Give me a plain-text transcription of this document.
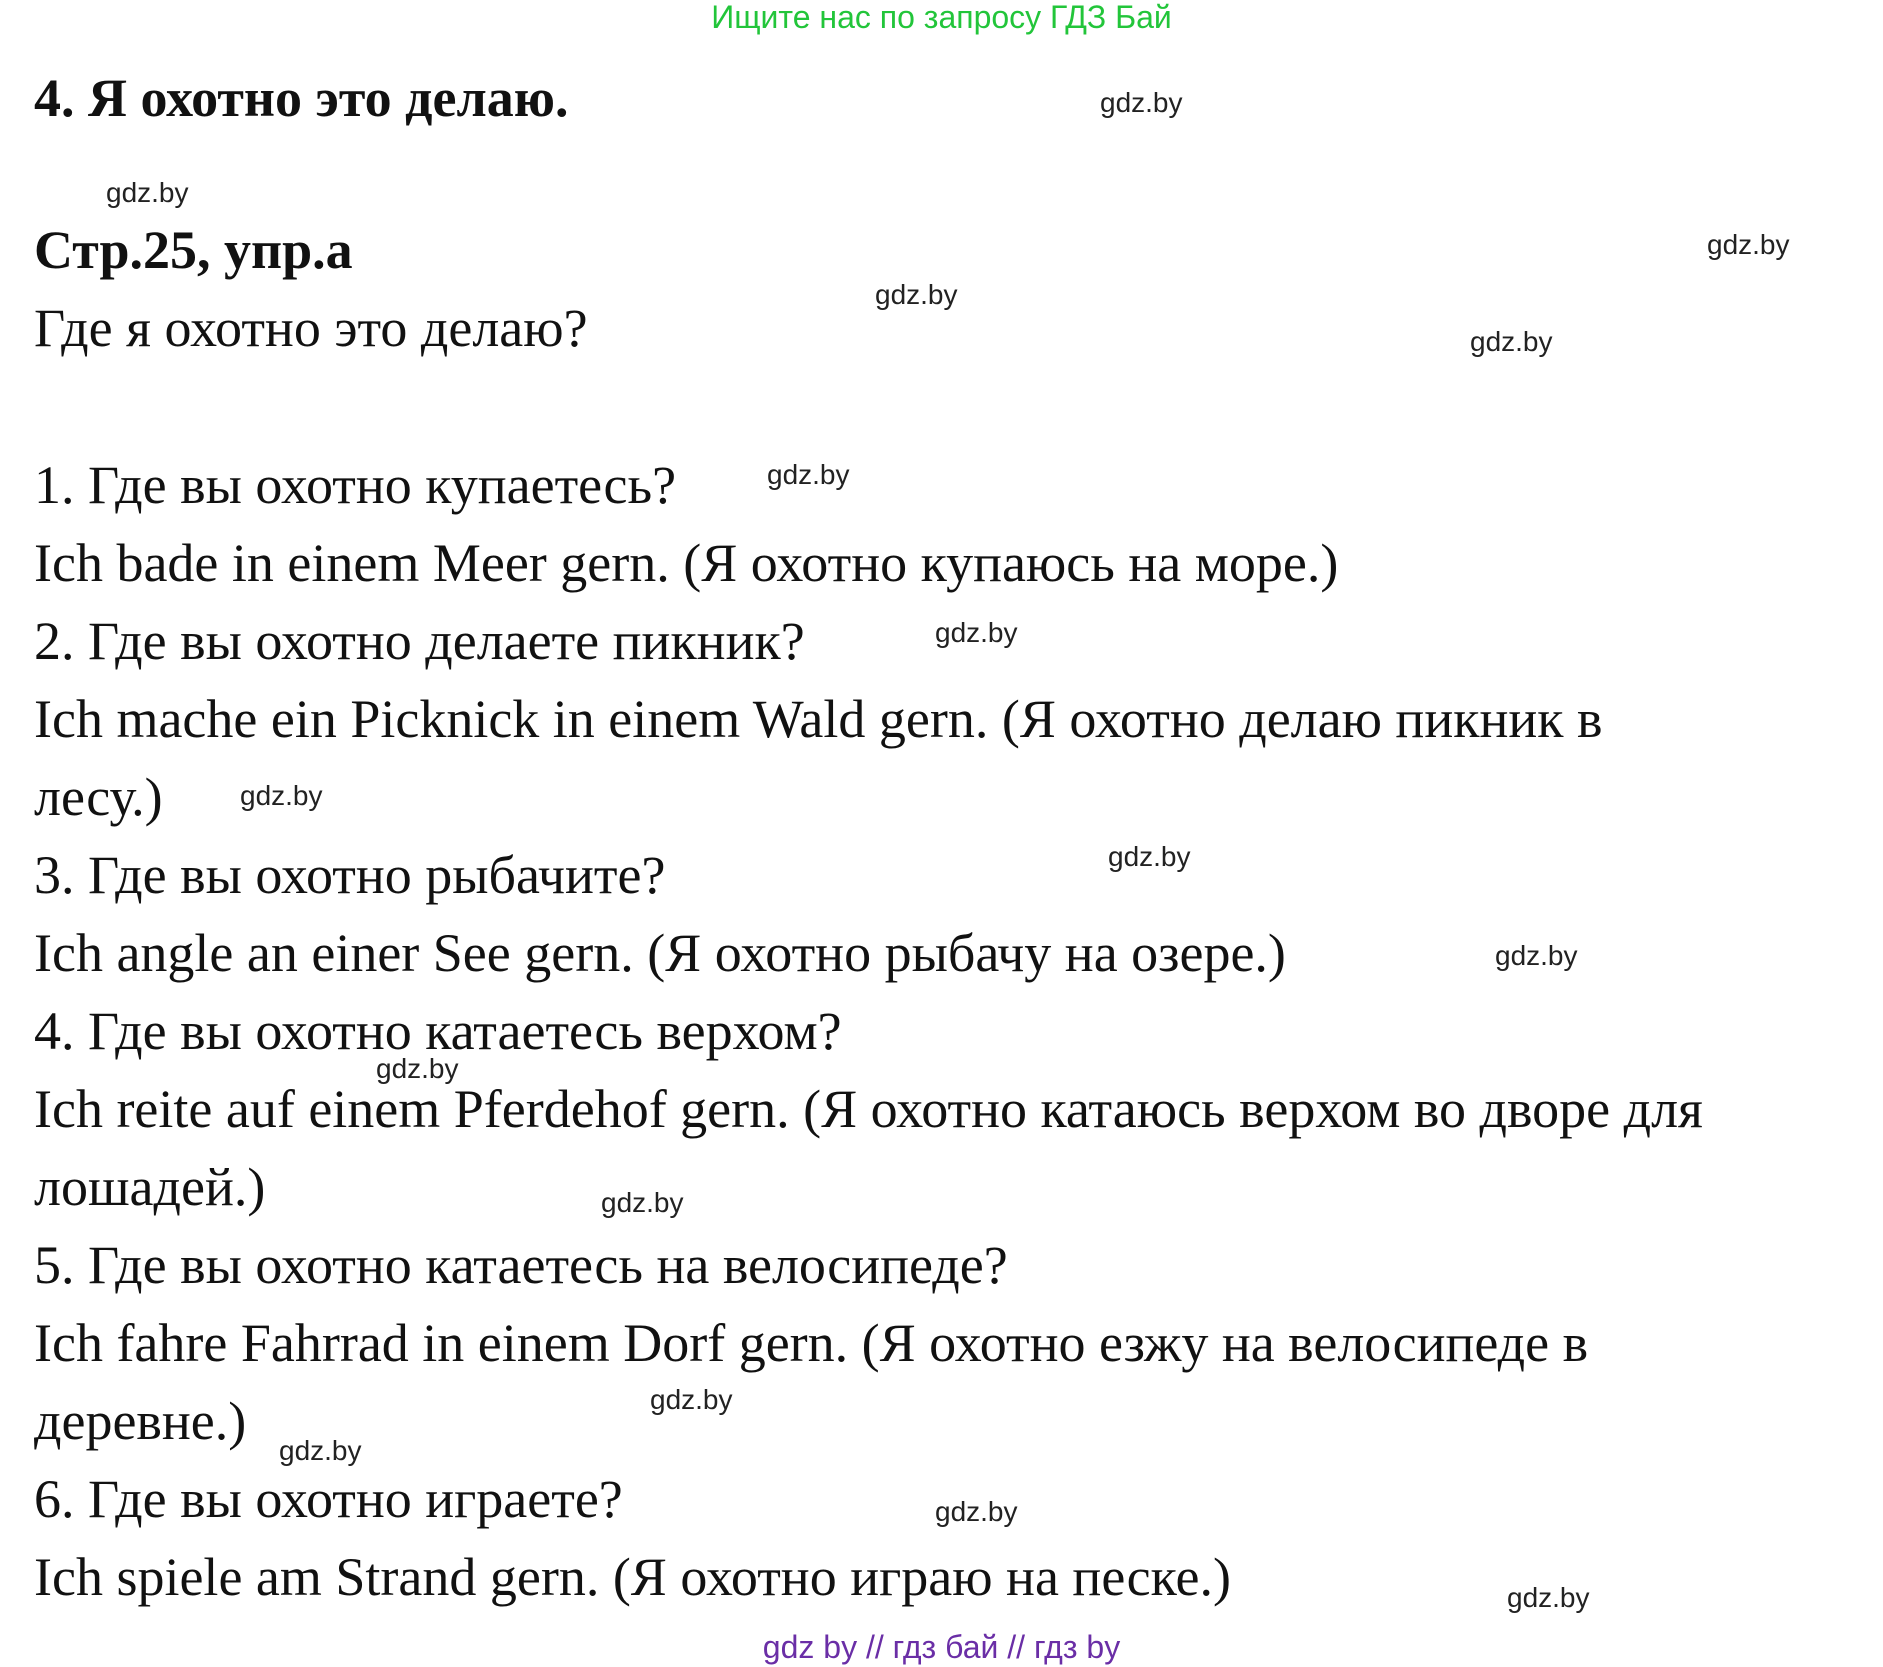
Ищите нас по запросу ГДЗ Бай
4. Я охотно это делаю.
Стр.25, упр.а
Где я охотно это делаю?
1. Где вы охотно купаетесь?
Ich bade in einem Meer gern. (Я охотно купаюсь на море.)
2. Где вы охотно делаете пикник?
Ich mache ein Picknick in einem Wald gern. (Я охотно делаю пикник в
лесу.)
3. Где вы охотно рыбачите?
Ich angle an einer See gern. (Я охотно рыбачу на озере.)
4. Где вы охотно катаетесь верхом?
Ich reite auf einem Pferdehof gern. (Я охотно катаюсь верхом во дворе для
лошадей.)
5. Где вы охотно катаетесь на велосипеде?
Ich fahre Fahrrad in einem Dorf gern. (Я охотно езжу на велосипеде в
деревне.)
6. Где вы охотно играете?
Ich spiele am Strand gern. (Я охотно играю на песке.)
gdz.by
gdz.by
gdz.by
gdz.by
gdz.by
gdz.by
gdz.by
gdz.by
gdz.by
gdz.by
gdz.by
gdz.by
gdz.by
gdz.by
gdz.by
gdz.by
gdz by // гдз бай // гдз by
